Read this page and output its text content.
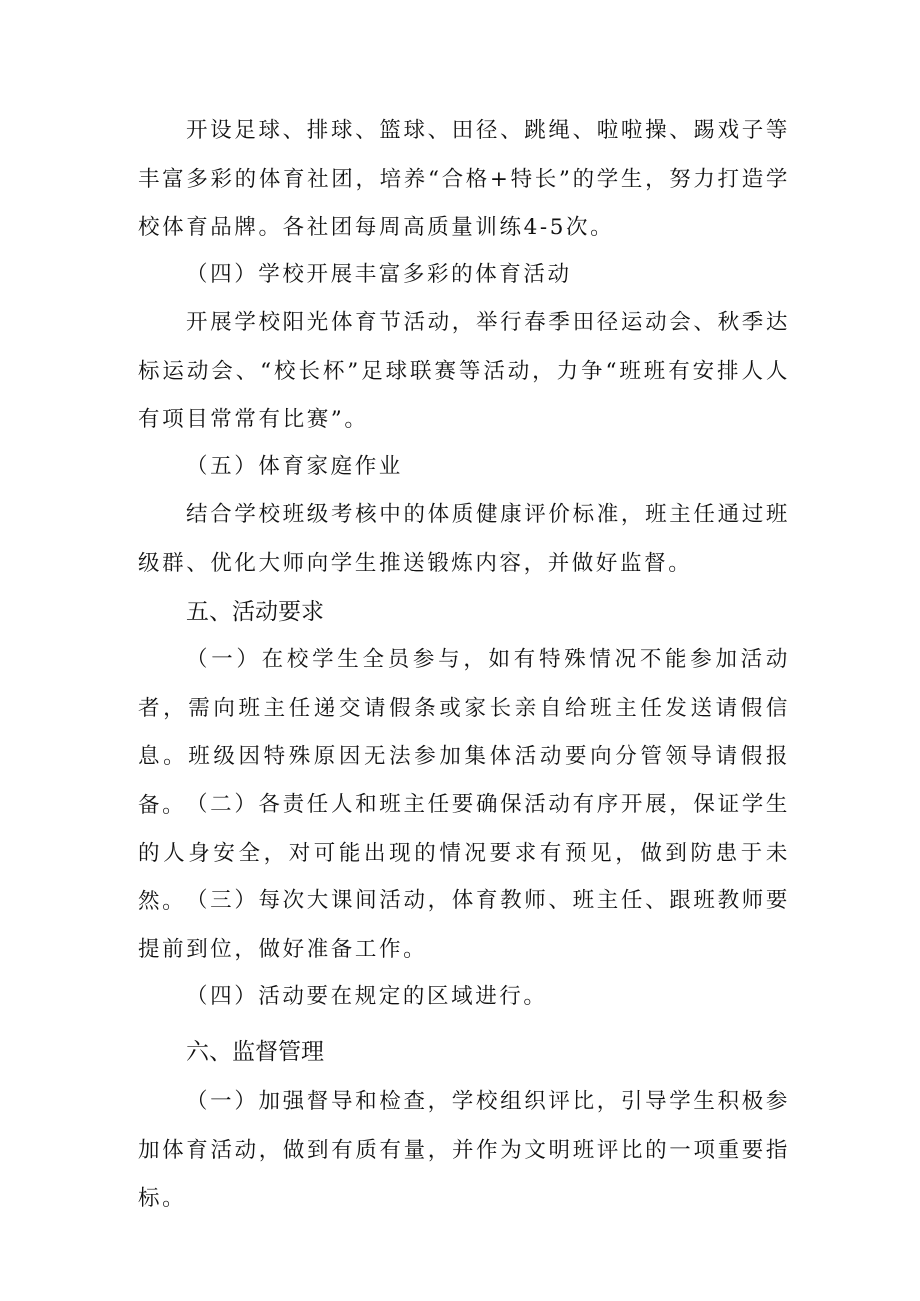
开设足球、排球、篮球、田径、跳绳、啦啦操、踢戏子等丰富多彩的体育社团，培养“合格+特长”的学生，努力打造学校体育品牌。各社团每周高质量训练4-5次。

（四）学校开展丰富多彩的体育活动

开展学校阳光体育节活动，举行春季田径运动会、秋季达标运动会、“校长杯”足球联赛等活动，力争“班班有安排人人有项目常常有比赛”。

（五）体育家庭作业

结合学校班级考核中的体质健康评价标准，班主任通过班级群、优化大师向学生推送锻炼内容，并做好监督。

五、活动要求

（一）在校学生全员参与，如有特殊情况不能参加活动者，需向班主任递交请假条或家长亲自给班主任发送请假信息。班级因特殊原因无法参加集体活动要向分管领导请假报备。 （二）各责任人和班主任要确保活动有序开展，保证学生的人身安全，对可能出现的情况要求有预见，做到防患于未然。 （三）每次大课间活动，体育教师、班主任、跟班教师要提前到位，做好准备工作。

（四）活动要在规定的区域进行。

六、监督管理

（一）加强督导和检查，学校组织评比，引导学生积极参加体育活动，做到有质有量，并作为文明班评比的一项重要指标。
